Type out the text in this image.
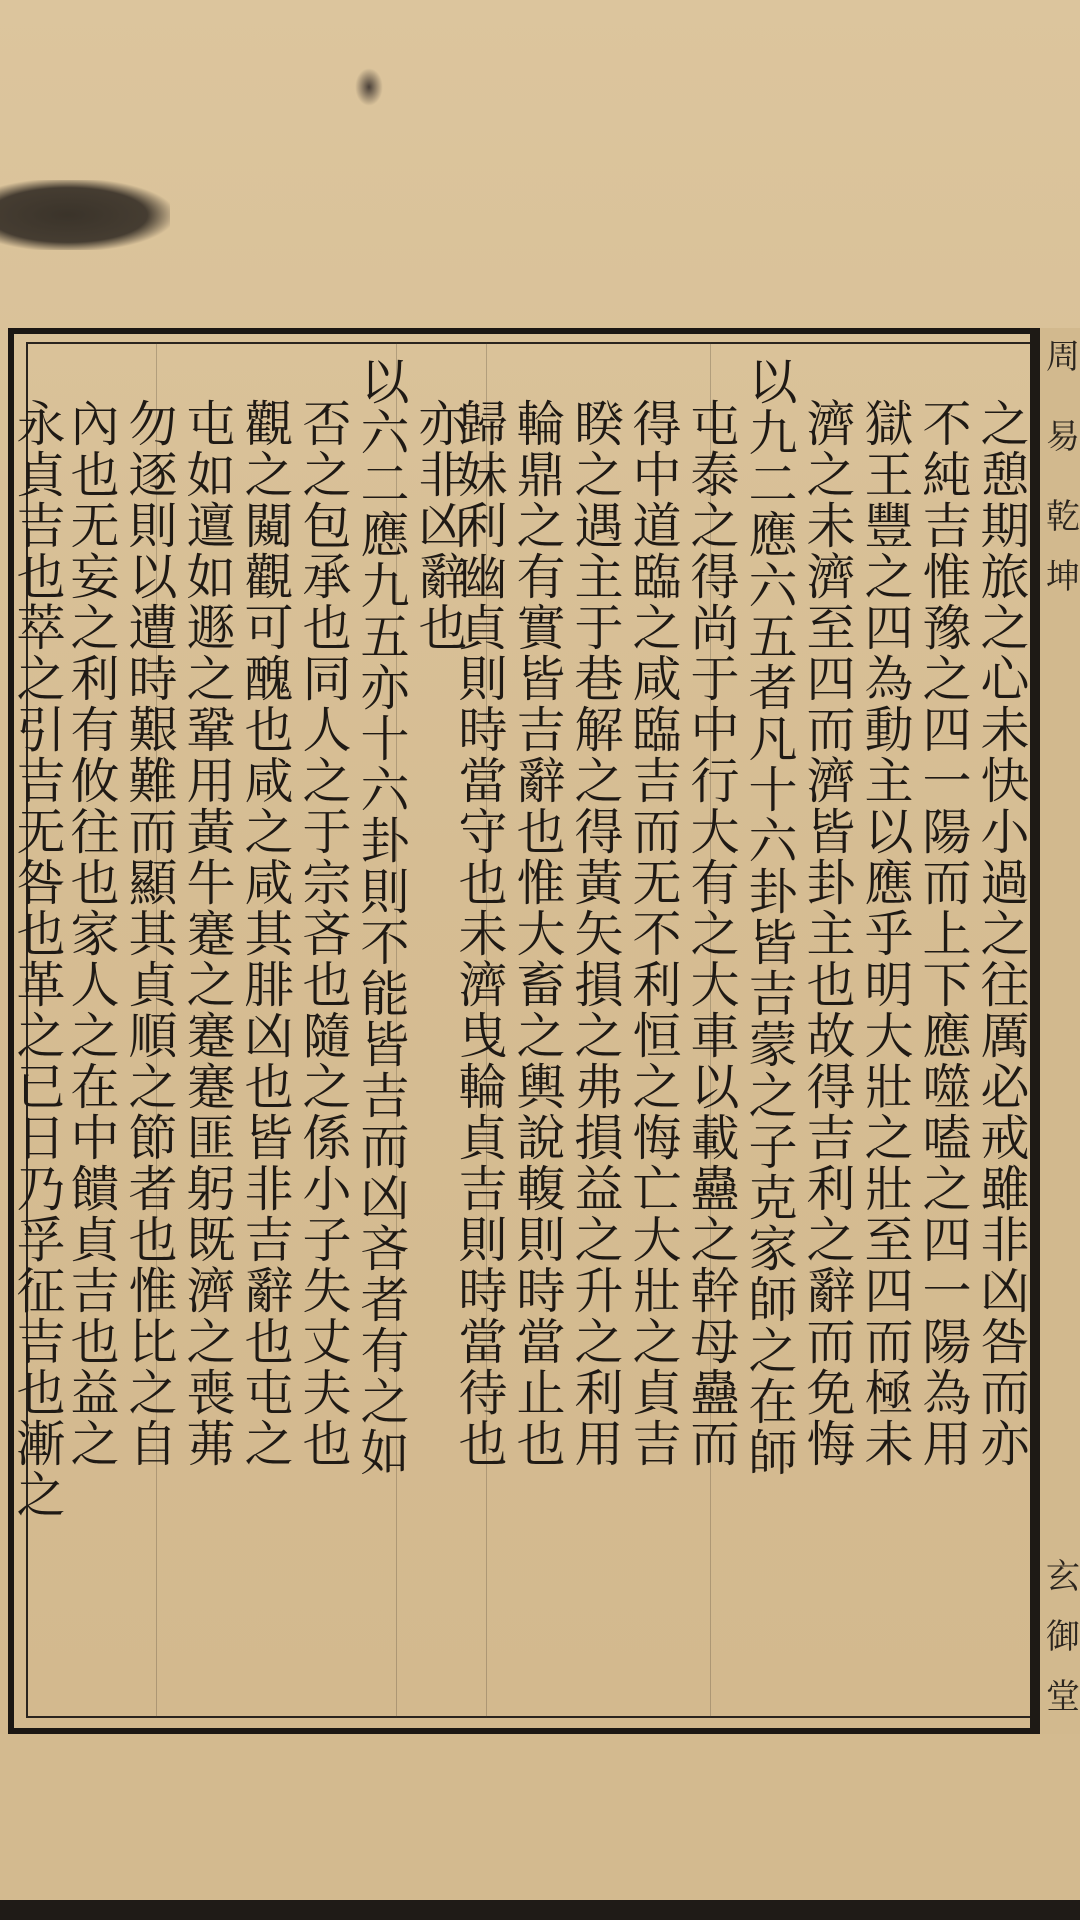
之憩期旅之心未快小過之往厲必戒雖非凶咎而亦
不純吉惟豫之四一陽而上下應噬嗑之四一陽為用
獄王豐之四為動主以應乎明大壯之壯至四而極未
濟之未濟至四而濟皆卦主也故得吉利之辭而免悔
以九二應六五者凡十六卦皆吉蒙之子克家師之在師
屯泰之得尚于中行大有之大車以載蠱之幹母蠱而
得中道臨之咸臨吉而无不利恒之悔亡大壯之貞吉
睽之遇主于巷解之得黃矢損之弗損益之升之利用
輪鼎之有實皆吉辭也惟大畜之輿說輹則時當止也
歸妹利幽貞則時當守也未濟曳輪貞吉則時當待也
亦非凶辭也
以六二應九五亦十六卦則不能皆吉而凶吝者有之如
否之包承也同人之于宗吝也隨之係小子失丈夫也
觀之闚觀可醜也咸之咸其腓凶也皆非吉辭也屯之
屯如邅如遯之鞏用黃牛蹇之蹇蹇匪躬既濟之喪茀
勿逐則以遭時艱難而顯其貞順之節者也惟比之自
內也无妄之利有攸往也家人之在中饋貞吉也益之
永貞吉也萃之引吉无咎也革之已日乃孚征吉也漸之
周
易
乾
坤
玄
御
堂
